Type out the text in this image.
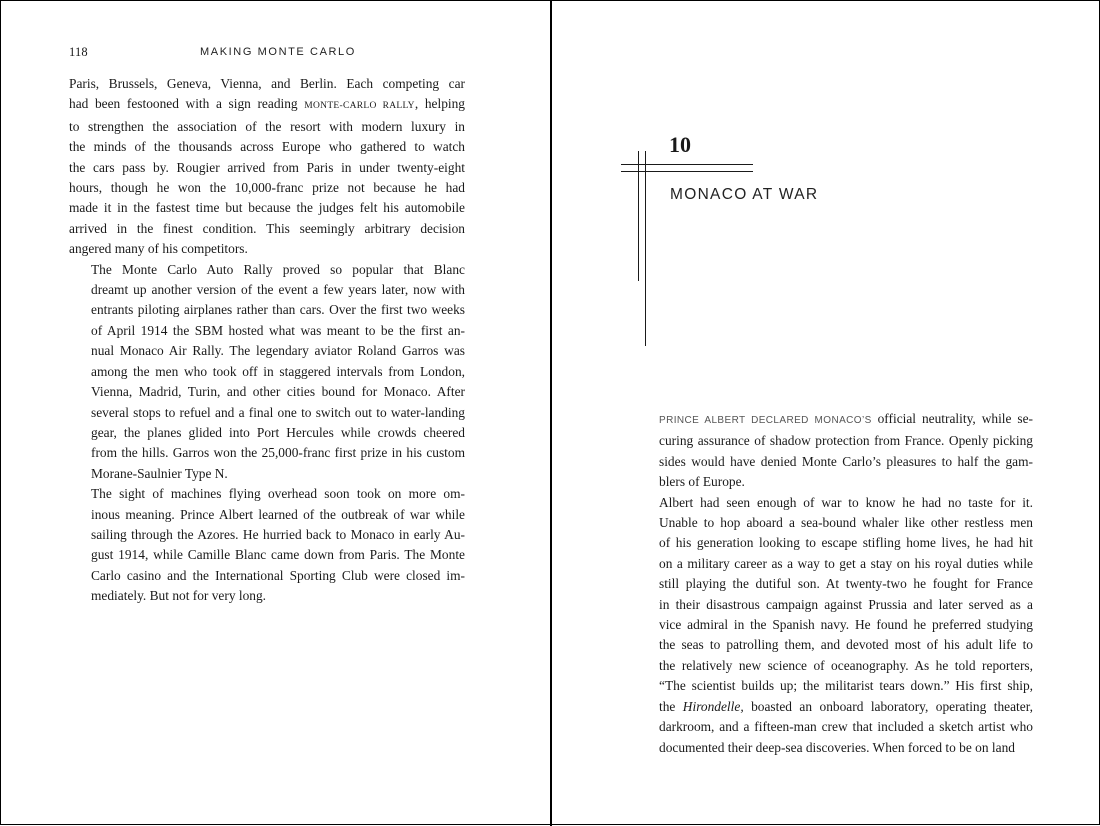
118	MAKING MONTE CARLO

Paris, Brussels, Geneva, Vienna, and Berlin. Each competing car
had been festooned with a sign reading MONTE-CARLO RALLY, helping
to strengthen the association of the resort with modern luxury in
the minds of the thousands across Europe who gathered to watch
the cars pass by. Rougier arrived from Paris in under twenty-eight
hours, though he won the 10,000-franc prize not because he had
made it in the fastest time but because the judges felt his automobile
arrived in the finest condition. This seemingly arbitrary decision
angered many of his competitors.

The Monte Carlo Auto Rally proved so popular that Blanc
dreamt up another version of the event a few years later, now with
entrants piloting airplanes rather than cars. Over the first two weeks
of April 1914 the SBM hosted what was meant to be the first an-
nual Monaco Air Rally. The legendary aviator Roland Garros was
among the men who took off in staggered intervals from London,
Vienna, Madrid, Turin, and other cities bound for Monaco. After
several stops to refuel and a final one to switch out to water-landing
gear, the planes glided into Port Hercules while crowds cheered
from the hills. Garros won the 25,000-franc first prize in his custom
Morane-Saulnier Type N.

The sight of machines flying overhead soon took on more om-
inous meaning. Prince Albert learned of the outbreak of war while
sailing through the Azores. He hurried back to Monaco in early Au-
gust 1914, while Camille Blanc came down from Paris. The Monte
Carlo casino and the International Sporting Club were closed im-
mediately. But not for very long.

10
MONACO AT WAR

PRINCE ALBERT DECLARED MONACO’S official neutrality, while se-
curing assurance of shadow protection from France. Openly picking
sides would have denied Monte Carlo’s pleasures to half the gam-
blers of Europe.

Albert had seen enough of war to know he had no taste for it.
Unable to hop aboard a sea-bound whaler like other restless men
of his generation looking to escape stifling home lives, he had hit
on a military career as a way to get a stay on his royal duties while
still playing the dutiful son. At twenty-two he fought for France
in their disastrous campaign against Prussia and later served as a
vice admiral in the Spanish navy. He found he preferred studying
the seas to patrolling them, and devoted most of his adult life to
the relatively new science of oceanography. As he told reporters,
“The scientist builds up; the militarist tears down.” His first ship,
the Hirondelle, boasted an onboard laboratory, operating theater,
darkroom, and a fifteen-man crew that included a sketch artist who
documented their deep-sea discoveries. When forced to be on land
